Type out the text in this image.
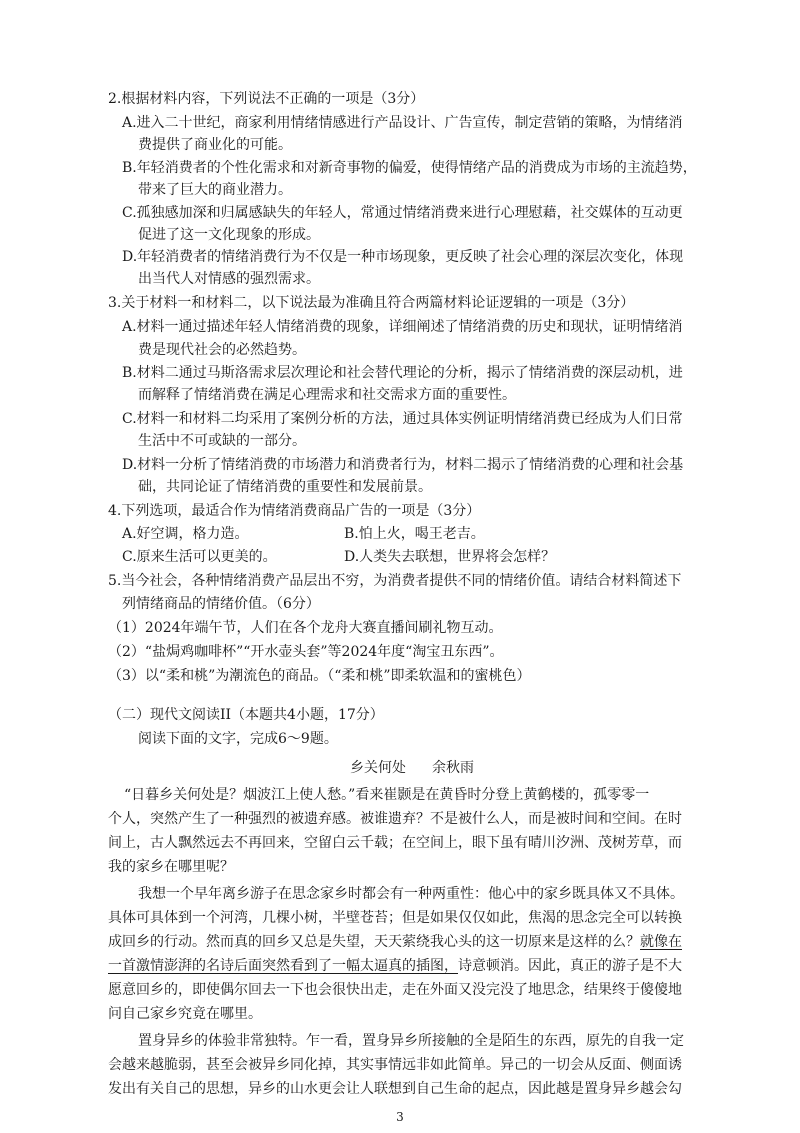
2.根据材料内容，下列说法不正确的一项是（3分）
A.进入二十世纪，商家利用情绪情感进行产品设计、广告宣传，制定营销的策略，为情绪消
费提供了商业化的可能。
B.年轻消费者的个性化需求和对新奇事物的偏爱，使得情绪产品的消费成为市场的主流趋势，
带来了巨大的商业潜力。
C.孤独感加深和归属感缺失的年轻人，常通过情绪消费来进行心理慰藉，社交媒体的互动更
促进了这一文化现象的形成。
D.年轻消费者的情绪消费行为不仅是一种市场现象，更反映了社会心理的深层次变化，体现
出当代人对情感的强烈需求。
3.关于材料一和材料二，以下说法最为准确且符合两篇材料论证逻辑的一项是（3分）
A.材料一通过描述年轻人情绪消费的现象，详细阐述了情绪消费的历史和现状，证明情绪消
费是现代社会的必然趋势。
B.材料二通过马斯洛需求层次理论和社会替代理论的分析，揭示了情绪消费的深层动机，进
而解释了情绪消费在满足心理需求和社交需求方面的重要性。
C.材料一和材料二均采用了案例分析的方法，通过具体实例证明情绪消费已经成为人们日常
生活中不可或缺的一部分。
D.材料一分析了情绪消费的市场潜力和消费者行为，材料二揭示了情绪消费的心理和社会基
础，共同论证了情绪消费的重要性和发展前景。
4.下列选项，最适合作为情绪消费商品广告的一项是（3分）
A.好空调，格力造。	B.怕上火，喝王老吉。
C.原来生活可以更美的。	D.人类失去联想，世界将会怎样？
5.当今社会，各种情绪消费产品层出不穷，为消费者提供不同的情绪价值。请结合材料简述下
列情绪商品的情绪价值。（6分）
（1）2024年端午节，人们在各个龙舟大赛直播间刷礼物互动。
（2）“盐焗鸡咖啡杯”“开水壶头套”等2024年度“淘宝丑东西”。
（3）以“柔和桃”为潮流色的商品。（“柔和桃”即柔软温和的蜜桃色）
（二）现代文阅读II（本题共4小题，17分）
阅读下面的文字，完成6～9题。
乡关何处 余秋雨
“日暮乡关何处是？烟波江上使人愁。”看来崔颢是在黄昏时分登上黄鹤楼的，孤零零一
个人，突然产生了一种强烈的被遗弃感。被谁遗弃？不是被什么人，而是被时间和空间。在时
间上，古人飘然远去不再回来，空留白云千载；在空间上，眼下虽有晴川汐洲、茂树芳草，而
我的家乡在哪里呢？
我想一个早年离乡游子在思念家乡时都会有一种两重性：他心中的家乡既具体又不具体。
具体可具体到一个河湾，几棵小树，半壁苍苔；但是如果仅仅如此，焦渴的思念完全可以转换
成回乡的行动。然而真的回乡又总是失望，天天萦绕我心头的这一切原来是这样的么？就像在
一首激情澎湃的名诗后面突然看到了一幅太逼真的插图，诗意顿消。因此，真正的游子是不大
愿意回乡的，即使偶尔回去一下也会很快出走，走在外面又没完没了地思念，结果终于傻傻地
问自己家乡究竟在哪里。
置身异乡的体验非常独特。乍一看，置身异乡所接触的全是陌生的东西，原先的自我一定
会越来越脆弱，甚至会被异乡同化掉，其实事情远非如此简单。异己的一切会从反面、侧面诱
发出有关自己的思想，异乡的山水更会让人联想到自己生命的起点，因此越是置身异乡越会勾
3
